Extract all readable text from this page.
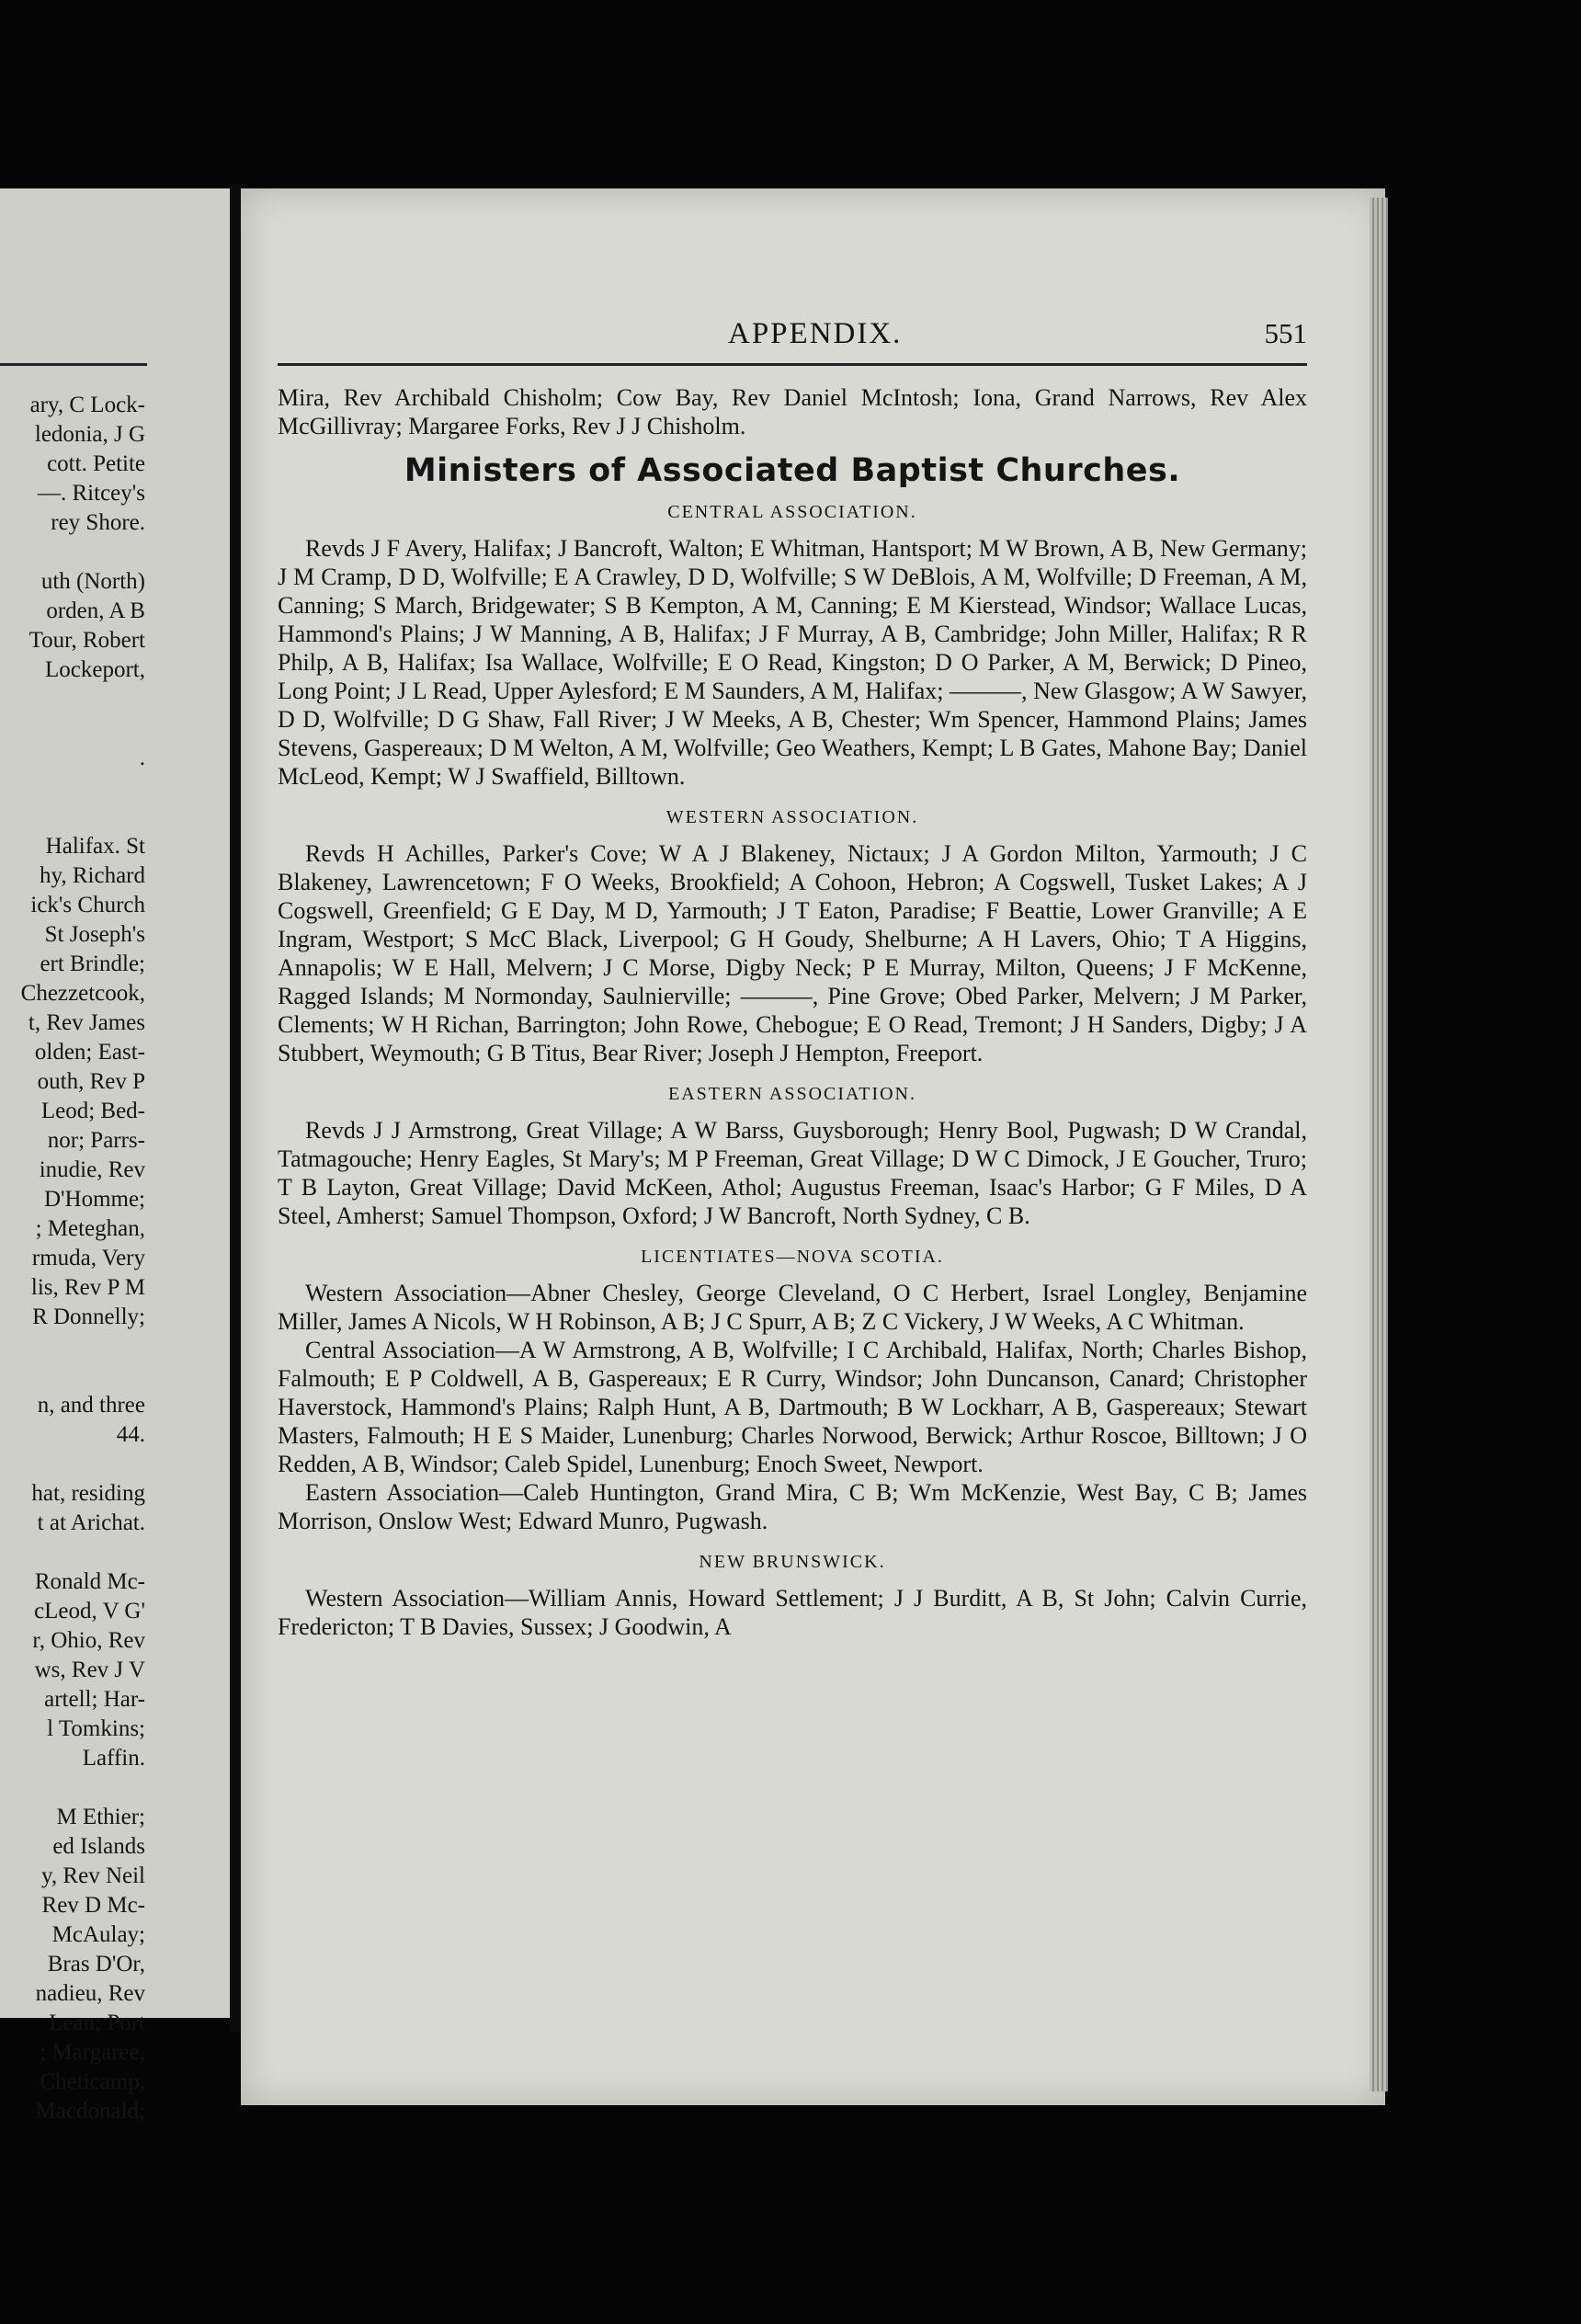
ary, C Lock-
ledonia, J G
cott. Petite
—. Ritcey's
rey Shore.
uth (North)
orden, A B
Tour, Robert
Lockeport,
.
Halifax. St
hy, Richard
ick's Church
St Joseph's
ert Brindle;
Chezzetcook,
t, Rev James
olden; East-
outh, Rev P
Leod; Bed-
nor; Parrs-
inudie, Rev
D'Homme;
; Meteghan,
rmuda, Very
lis, Rev P M
R Donnelly;
n, and three
44.
hat, residing
t at Arichat.
Ronald Mc-
cLeod, V G'
r, Ohio, Rev
ws, Rev J V
artell; Har-
l Tomkins;
Laffin.
M Ethier;
ed Islands
y, Rev Neil
Rev D Mc-
McAulay;
Bras D'Or,
nadieu, Rev
Lean; Port
; Margaree,
Cheticamp,
Macdonald;
APPENDIX.	551

Mira, Rev Archibald Chisholm; Cow Bay, Rev Daniel McIntosh; Iona, Grand Narrows, Rev Alex McGillivray; Margaree Forks, Rev J J Chisholm.

Ministers of Associated Baptist Churches.
CENTRAL ASSOCIATION.

Revds J F Avery, Halifax; J Bancroft, Walton; E Whitman, Hantsport; M W Brown, A B, New Germany; J M Cramp, D D, Wolfville; E A Crawley, D D, Wolfville; S W DeBlois, A M, Wolfville; D Freeman, A M, Canning; S March, Bridgewater; S B Kempton, A M, Canning; E M Kierstead, Windsor; Wallace Lucas, Hammond's Plains; J W Manning, A B, Halifax; J F Murray, A B, Cambridge; John Miller, Halifax; R R Philp, A B, Halifax; Isa Wallace, Wolfville; E O Read, Kingston; D O Parker, A M, Berwick; D Pineo, Long Point; J L Read, Upper Aylesford; E M Saunders, A M, Halifax; ———, New Glasgow; A W Sawyer, D D, Wolfville; D G Shaw, Fall River; J W Meeks, A B, Chester; Wm Spencer, Hammond Plains; James Stevens, Gaspereaux; D M Welton, A M, Wolfville; Geo Weathers, Kempt; L B Gates, Mahone Bay; Daniel McLeod, Kempt; W J Swaffield, Billtown.

WESTERN ASSOCIATION.

Revds H Achilles, Parker's Cove; W A J Blakeney, Nictaux; J A Gordon Milton, Yarmouth; J C Blakeney, Lawrencetown; F O Weeks, Brookfield; A Cohoon, Hebron; A Cogswell, Tusket Lakes; A J Cogswell, Greenfield; G E Day, M D, Yarmouth; J T Eaton, Paradise; F Beattie, Lower Granville; A E Ingram, Westport; S McC Black, Liverpool; G H Goudy, Shelburne; A H Lavers, Ohio; T A Higgins, Annapolis; W E Hall, Melvern; J C Morse, Digby Neck; P E Murray, Milton, Queens; J F McKenne, Ragged Islands; M Normonday, Saulnierville; ———, Pine Grove; Obed Parker, Melvern; J M Parker, Clements; W H Richan, Barrington; John Rowe, Chebogue; E O Read, Tremont; J H Sanders, Digby; J A Stubbert, Weymouth; G B Titus, Bear River; Joseph J Hempton, Freeport.

EASTERN ASSOCIATION.

Revds J J Armstrong, Great Village; A W Barss, Guysborough; Henry Bool, Pugwash; D W Crandal, Tatmagouche; Henry Eagles, St Mary's; M P Freeman, Great Village; D W C Dimock, J E Goucher, Truro; T B Layton, Great Village; David McKeen, Athol; Augustus Freeman, Isaac's Harbor; G F Miles, D A Steel, Amherst; Samuel Thompson, Oxford; J W Bancroft, North Sydney, C B.

LICENTIATES—NOVA SCOTIA.

Western Association—Abner Chesley, George Cleveland, O C Herbert, Israel Longley, Benjamine Miller, James A Nicols, W H Robinson, A B; J C Spurr, A B; Z C Vickery, J W Weeks, A C Whitman.

Central Association—A W Armstrong, A B, Wolfville; I C Archibald, Halifax, North; Charles Bishop, Falmouth; E P Coldwell, A B, Gaspereaux; E R Curry, Windsor; John Duncanson, Canard; Christopher Haverstock, Hammond's Plains; Ralph Hunt, A B, Dartmouth; B W Lockharr, A B, Gaspereaux; Stewart Masters, Falmouth; H E S Maider, Lunenburg; Charles Norwood, Berwick; Arthur Roscoe, Billtown; J O Redden, A B, Windsor; Caleb Spidel, Lunenburg; Enoch Sweet, Newport.

Eastern Association—Caleb Huntington, Grand Mira, C B; Wm McKenzie, West Bay, C B; James Morrison, Onslow West; Edward Munro, Pugwash.

NEW BRUNSWICK.

Western Association—William Annis, Howard Settlement; J J Burditt, A B, St John; Calvin Currie, Fredericton; T B Davies, Sussex; J Goodwin, A
